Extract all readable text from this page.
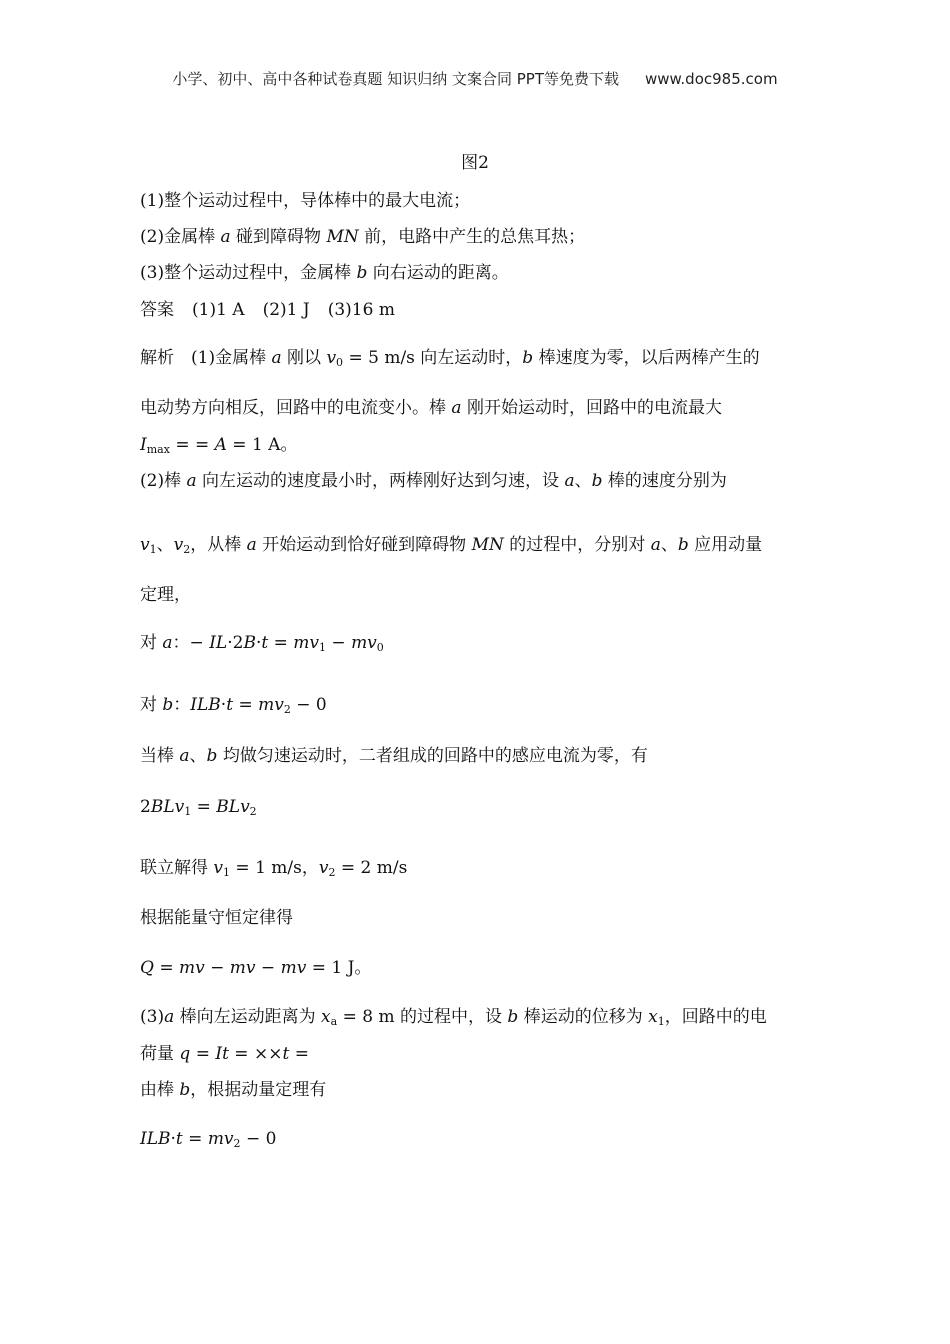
小学、初中、高中各种试卷真题 知识归纳 文案合同 PPT等免费下载 www.doc985.com
图2
(1)整个运动过程中，导体棒中的最大电流；
(2)金属棒 a 碰到障碍物 MN 前，电路中产生的总焦耳热；
(3)整个运动过程中，金属棒 b 向右运动的距离。
答案 (1)1 A (2)1 J (3)16 m
解析　(1)金属棒 a 刚以 $v_0 = 5$ m/s 向左运动时，b 棒速度为零，以后两棒产生的
电动势方向相反，回路中的电流变小。棒 a 刚开始运动时，回路中的电流最大
$I_{max}$ = = A = 1 A。
(2)棒 a 向左运动的速度最小时，两棒刚好达到匀速，设 a、b 棒的速度分别为
$v_1$、$v_2$，从棒 a 开始运动到恰好碰到障碍物 MN 的过程中，分别对 a、b 应用动量
定理，
对 a：− $IL\cdot 2B\cdot t = mv_1 - mv_0$
对 b：$ILB\cdot t = mv_2 - 0$
当棒 a、b 均做匀速运动时，二者组成的回路中的感应电流为零，有
2BLv$_1$ = BLv$_2$
联立解得 $v_1 = 1$ m/s，$v_2 = 2$ m/s
根据能量守恒定律得
Q = mv − mv − mv = 1 J。
(3)a 棒向左运动距离为 $x_a = 8$ m 的过程中，设 b 棒运动的位移为 $x_1$，回路中的电
荷量 q = It = ××t =
由棒 b，根据动量定理有
$ILB\cdot t = mv_2 - 0$
